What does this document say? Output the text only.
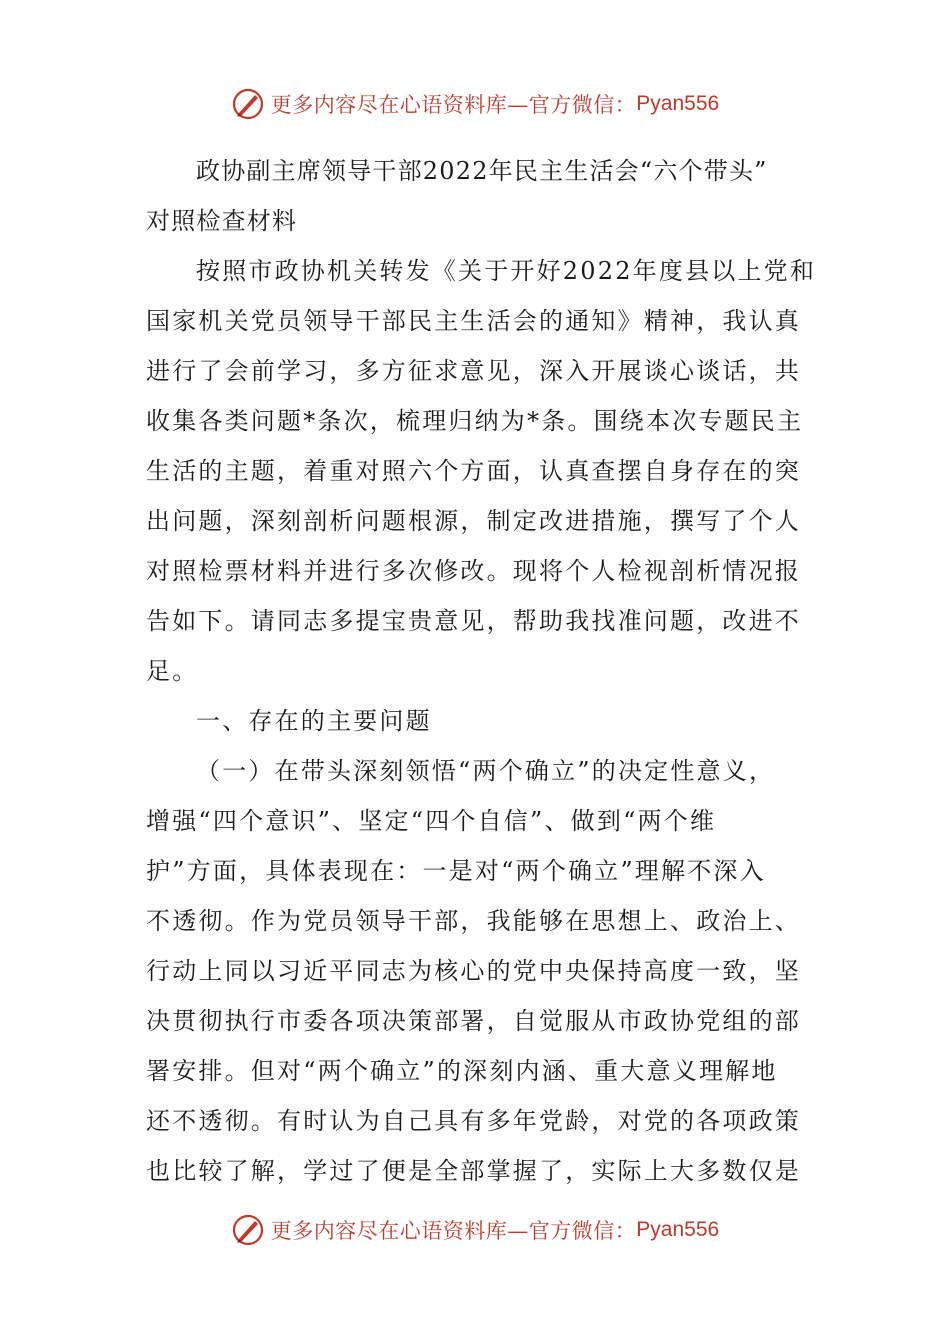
更多内容尽在心语资料库—官方微信： Pyan556
政协副主席领导干部2022年民主生活会“六个带头”
对照检查材料
按照市政协机关转发《关于开好2022年度县以上党和
国家机关党员领导干部民主生活会的通知》精神，我认真
进行了会前学习，多方征求意见，深入开展谈心谈话，共
收集各类问题*条次，梳理归纳为*条。围绕本次专题民主
生活的主题，着重对照六个方面，认真查摆自身存在的突
出问题，深刻剖析问题根源，制定改进措施，撰写了个人
对照检票材料并进行多次修改。现将个人检视剖析情况报
告如下。请同志多提宝贵意见，帮助我找准问题，改进不
足。
一、存在的主要问题
（一）在带头深刻领悟“两个确立”的决定性意义，
增强“四个意识”、坚定“四个自信”、做到“两个维
护”方面，具体表现在：一是对“两个确立”理解不深入
不透彻。作为党员领导干部，我能够在思想上、政治上、
行动上同以习近平同志为核心的党中央保持高度一致，坚
决贯彻执行市委各项决策部署，自觉服从市政协党组的部
署安排。但对“两个确立”的深刻内涵、重大意义理解地
还不透彻。有时认为自己具有多年党龄，对党的各项政策
也比较了解，学过了便是全部掌握了，实际上大多数仅是
更多内容尽在心语资料库—官方微信： Pyan556
